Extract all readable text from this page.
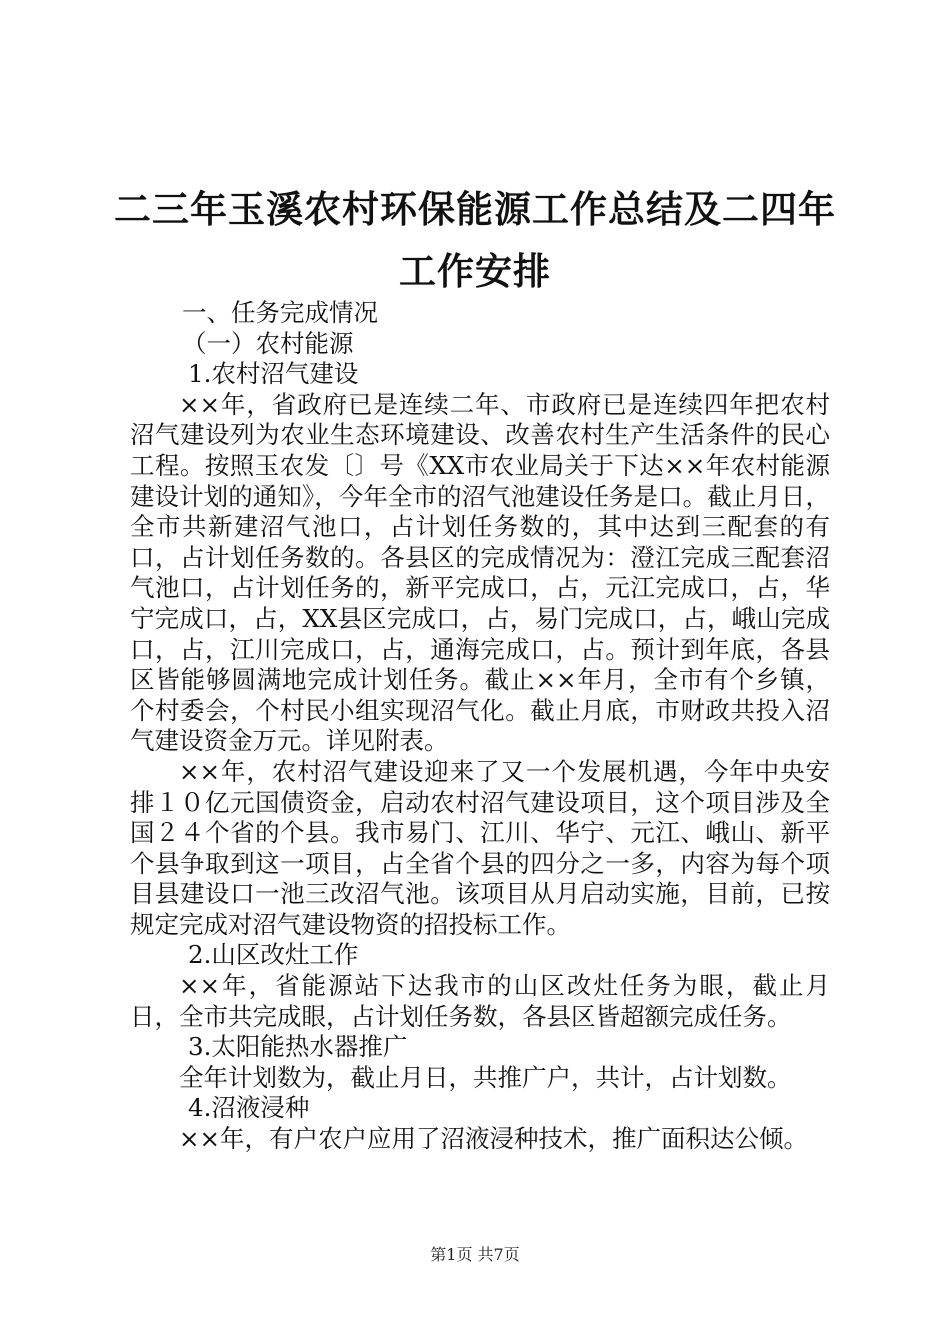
二三年玉溪农村环保能源工作总结及二四年工作安排

一、任务完成情况

（一）农村能源

1.农村沼气建设

××年，省政府已是连续二年、市政府已是连续四年把农村沼气建设列为农业生态环境建设、改善农村生产生活条件的民心工程。按照玉农发〔〕号《XX市农业局关于下达××年农村能源建设计划的通知》，今年全市的沼气池建设任务是口。截止月日，全市共新建沼气池口，占计划任务数的，其中达到三配套的有口，占计划任务数的。各县区的完成情况为：澄江完成三配套沼气池口，占计划任务的，新平完成口，占，元江完成口，占，华宁完成口，占，XX县区完成口，占，易门完成口，占，峨山完成口，占，江川完成口，占，通海完成口，占。预计到年底，各县区皆能够圆满地完成计划任务。截止××年月，全市有个乡镇，个村委会，个村民小组实现沼气化。截止月底，市财政共投入沼气建设资金万元。详见附表。

××年，农村沼气建设迎来了又一个发展机遇，今年中央安排１０亿元国债资金，启动农村沼气建设项目，这个项目涉及全国２４个省的个县。我市易门、江川、华宁、元江、峨山、新平个县争取到这一项目，占全省个县的四分之一多，内容为每个项目县建设口一池三改沼气池。该项目从月启动实施，目前，已按规定完成对沼气建设物资的招投标工作。

2.山区改灶工作

××年，省能源站下达我市的山区改灶任务为眼，截止月日，全市共完成眼，占计划任务数，各县区皆超额完成任务。

3.太阳能热水器推广

全年计划数为，截止月日，共推广户，共计，占计划数。

4.沼液浸种

××年，有户农户应用了沼液浸种技术，推广面积达公倾。

第1页 共7页
